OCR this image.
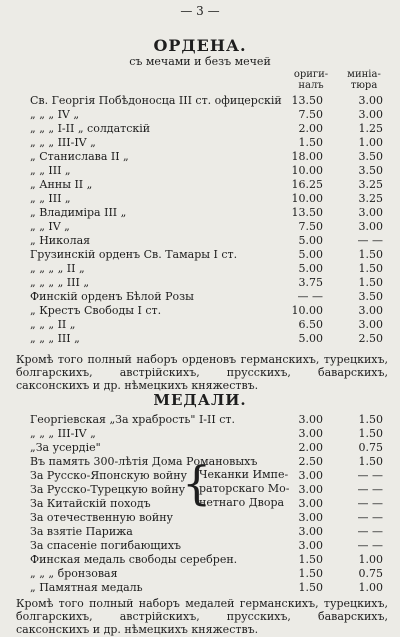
— 3 —
ОРДЕНА.
съ мечами и безъ мечей
ориги-
налъ
миніа-
тюрa
Св. Георгія Побѣдоносца III ст. офицерскій 13.50	3.00
„ „ „ IV „	7.50	3.00
„ „ „ I-II „ солдатскій	2.00	1.25
„ „ „ III-IV „	1.50	1.00
„ Станислава II „	18.00	3.50
„ „ III „	10.00	3.50
„ Анны II „	16.25	3.25
„ „ III „	10.00	3.25
„ Владиміра III „	13.50	3.00
„ „ IV „	7.50	3.00
„ Николая	5.00	— —
Грузинскій орденъ Св. Тамары I ст.	5.00	1.50
„ „ „ „ II „	5.00	1.50
„ „ „ „ III „	3.75	1.50
Финскій орденъ Бѣлой Розы	— —	3.50
„ Крестъ Свободы I ст.	10.00	3.00
„ „ „ II „	6.50	3.00
„ „ „ III „	5.00	2.50
Кромѣ того полный наборъ орденовъ германскихъ, турецкихъ, болгарскихъ, австрійскихъ, прусскихъ, баварскихъ, саксонскихъ и др. нѣмецкихъ княжествъ.
МЕДАЛИ.
Георгіевская „За храбрость" I-II ст.	3.00	1.50
„ „ „ III-IV „	3.00	1.50
„За усердіе"	2.00	0.75
Въ память 300-лѣтія Дома Романовыхъ	2.50	1.50
За Русско-Японскую войну	3.00	— —
За Русско-Турецкую войну	3.00	— —
За Китайскій походъ	3.00	— —
За отечественную войну	3.00	— —
За взятіе Парижа	3.00	— —
За спасеніе погибающихъ	3.00	— —
Финская медаль свободы серебрен.	1.50	1.00
„ „ „ бронзовая	1.50	0.75
„ Памятная медаль	1.50	1.00
{
Чеканки Импе-
раторскаго Мо-
нетнаго Двора
Кромѣ того полный наборъ медалей германскихъ, турецкихъ, болгарскихъ, австрійскихъ, прусскихъ, баварскихъ, саксонскихъ и др. нѣмецкихъ княжествъ.
